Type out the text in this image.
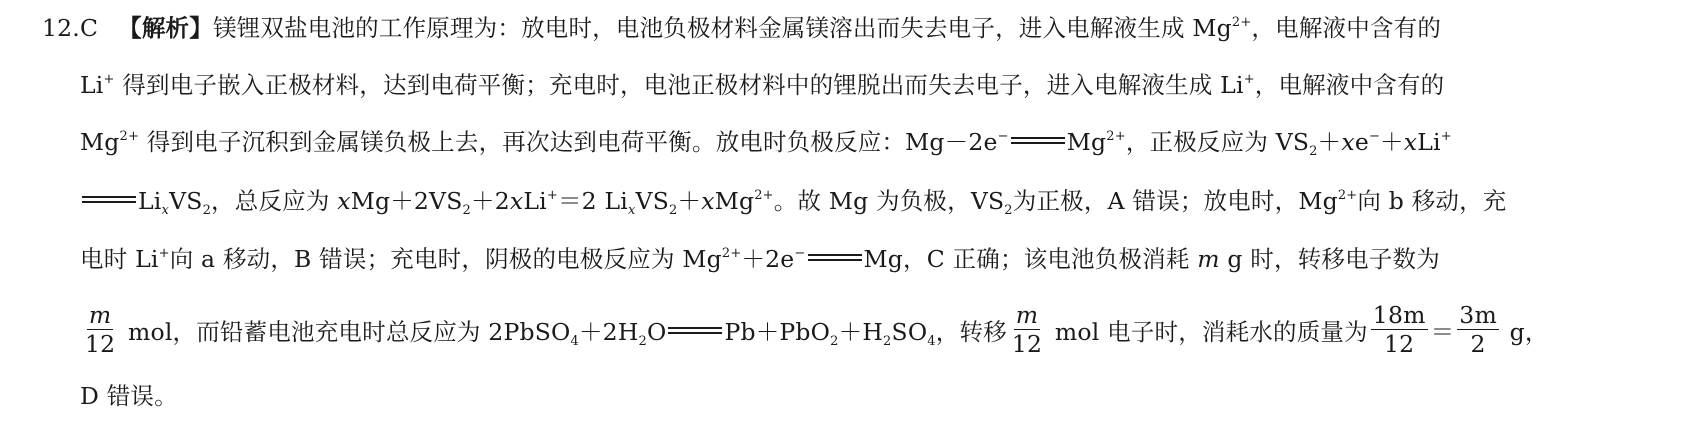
12.C 【解析】镁锂双盐电池的工作原理为：放电时，电池负极材料金属镁溶出而失去电子，进入电解液生成 $Mg^{2+}$，电解液中含有的
Li+ 得到电子嵌入正极材料，达到电荷平衡；充电时，电池正极材料中的锂脱出而失去电子，进入电解液生成 Li+，电解液中含有的
$Mg^{2+}$ 得到电子沉积到金属镁负极上去，再次达到电荷平衡。放电时负极反应：Mg－2e− $Mg^{2+}$，正极反应为 $VS_2+xe^-+xLi^+$
$Li_xVS_2$，总反应为 $xMg+2VS_2+2xLi^+=2$ $Li_xVS_2+xMg^{2+}$。故 Mg 为负极，$VS_2$为正极，A 错误；放电时，$Mg^{2+}$向 b 移动，充
电时 Li+向 a 移动，B 错误；充电时，阴极的电极反应为 $Mg^{2+}+2e^-$ Mg，C 正确；该电池负极消耗 m g 时，转移电子数为
$\frac{m}{12}$ mol，而铅蓄电池充电时总反应为 $2PbSO_4+2H_2O$ $Pb+PbO_2+H_2SO_4$，转移 $\frac{m}{12}$ mol 电子时，消耗水的质量为 $\frac{18m}{12} = \frac{3m}{2}$ g，
D 错误。
